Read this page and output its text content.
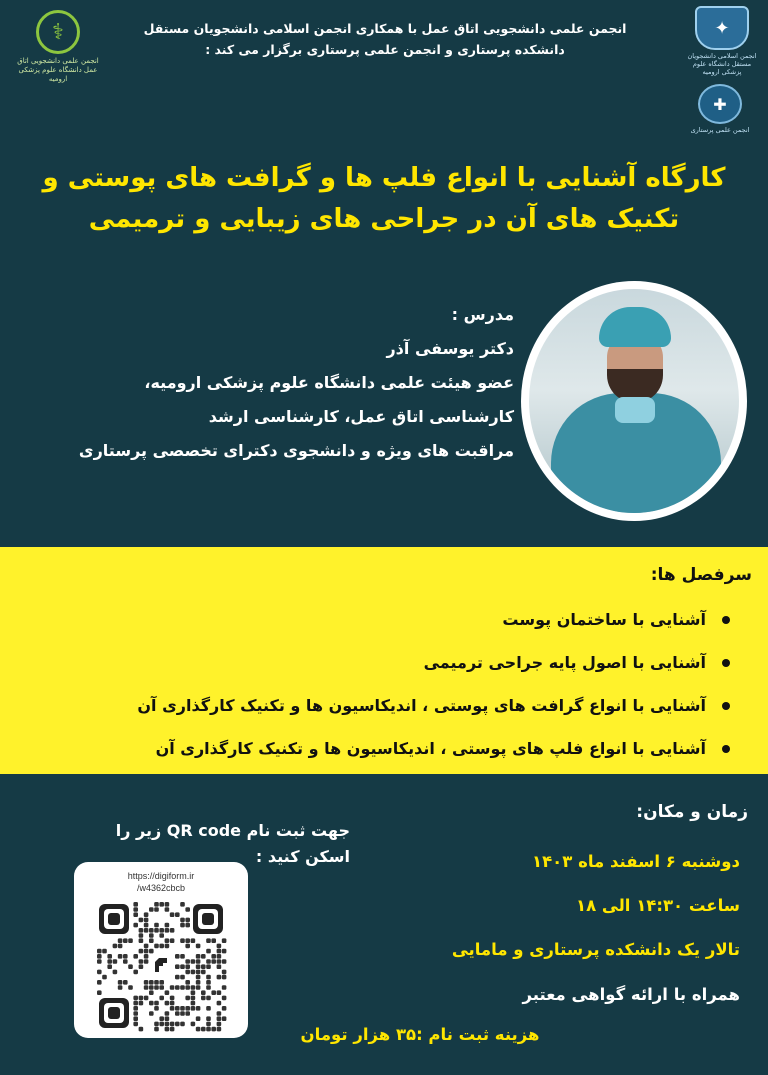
انجمن علمی دانشجویی اتاق عمل با همکاری انجمن اسلامی دانشجویان مستقل
دانشکده پرستاری و انجمن علمی پرستاری برگزار می کند :
⚕
انجمن علمی دانشجویی اتاق عمل دانشگاه علوم پزشکی ارومیه
✦
انجمن اسلامی دانشجویان مستقل دانشگاه علوم پزشکی ارومیه
✚
انجمن علمی پرستاری
کارگاه آشنایی با انواع فلپ ها و گرافت های پوستی و
تکنیک های آن در جراحی های زیبایی و ترمیمی
مدرس :
دکتر یوسفی آذر
عضو هیئت علمی دانشگاه علوم پزشکی ارومیه،
کارشناسی اتاق عمل، کارشناسی ارشد
مراقبت های ویژه و دانشجوی دکترای تخصصی پرستاری
سرفصل ها:
آشنایی با ساختمان پوست
آشنایی با اصول پایه جراحی ترمیمی
آشنایی با انواع گرافت های پوستی ، اندیکاسیون ها و تکنیک کارگذاری آن
آشنایی با انواع فلپ های پوستی ، اندیکاسیون ها و تکنیک کارگذاری آن
زمان و مکان:
دوشنبه ۶ اسفند ماه ۱۴۰۳
ساعت ۱۴:۳۰ الی ۱۸
تالار یک دانشکده پرستاری و مامایی
همراه با ارائه گواهی معتبر
هزینه ثبت نام :۳۵ هزار تومان
جهت ثبت نام QR code زیر را
اسکن کنید :
https://digiform.ir
/w4362cbcb
